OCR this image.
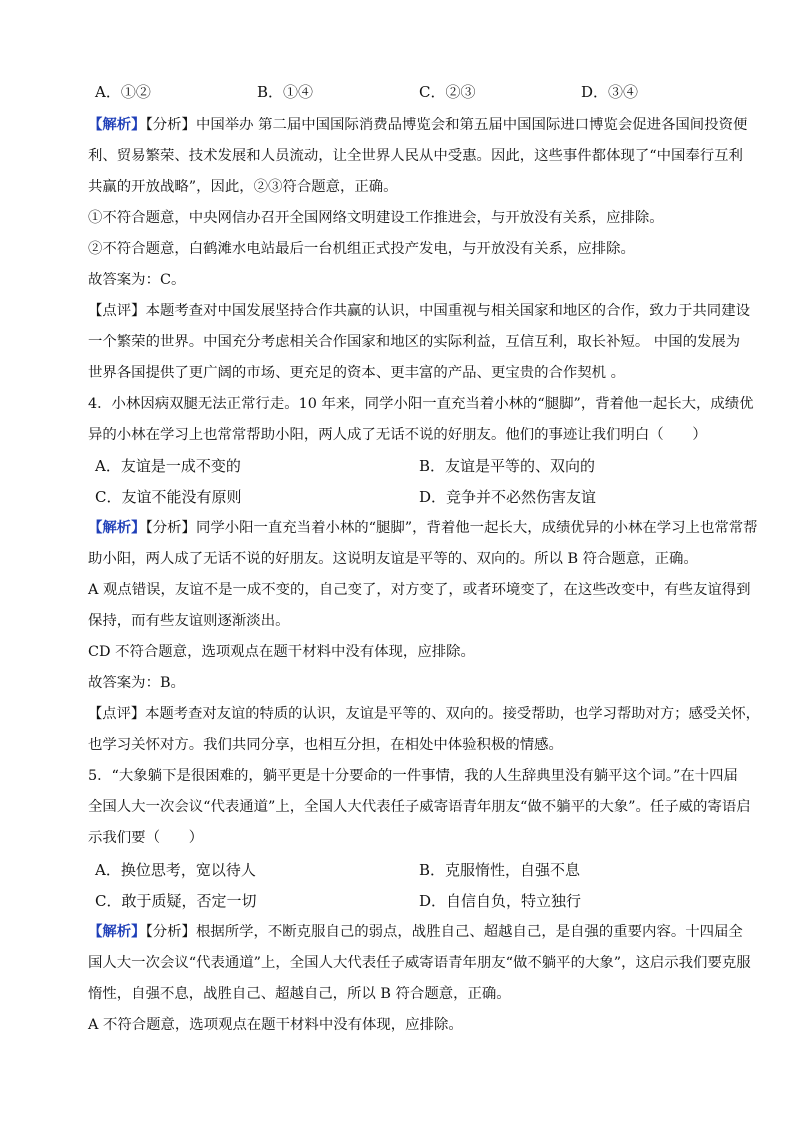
A．①②	B．①④	C．②③	D．③④
【解析】【分析】中国举办 第二届中国国际消费品博览会和第五届中国国际进口博览会促进各国间投资便
利、贸易繁荣、技术发展和人员流动，让全世界人民从中受惠。因此，这些事件都体现了“中国奉行互利
共赢的开放战略”，因此，②③符合题意，正确。
①不符合题意，中央网信办召开全国网络文明建设工作推进会，与开放没有关系，应排除。
②不符合题意，白鹤滩水电站最后一台机组正式投产发电，与开放没有关系，应排除。
故答案为：C。
【点评】本题考查对中国发展坚持合作共赢的认识，中国重视与相关国家和地区的合作，致力于共同建设
一个繁荣的世界。中国充分考虑相关合作国家和地区的实际利益，互信互利，取长补短。 中国的发展为
世界各国提供了更广阔的市场、更充足的资本、更丰富的产品、更宝贵的合作契机 。
4．小林因病双腿无法正常行走。10 年来，同学小阳一直充当着小林的“腿脚”，背着他一起长大，成绩优
异的小林在学习上也常常帮助小阳，两人成了无话不说的好朋友。他们的事迹让我们明白（　　）
A．友谊是一成不变的	B．友谊是平等的、双向的
C．友谊不能没有原则	D．竞争并不必然伤害友谊
【解析】【分析】同学小阳一直充当着小林的“腿脚”，背着他一起长大，成绩优异的小林在学习上也常常帮
助小阳，两人成了无话不说的好朋友。这说明友谊是平等的、双向的。所以 B 符合题意，正确。
A 观点错误，友谊不是一成不变的，自己变了，对方变了，或者环境变了，在这些改变中，有些友谊得到
保持，而有些友谊则逐渐淡出。
CD 不符合题意，选项观点在题干材料中没有体现，应排除。
故答案为：B。
【点评】本题考查对友谊的特质的认识，友谊是平等的、双向的。接受帮助，也学习帮助对方；感受关怀，
也学习关怀对方。我们共同分享，也相互分担，在相处中体验积极的情感。
5．“大象躺下是很困难的，躺平更是十分要命的一件事情，我的人生辞典里没有躺平这个词。”在十四届
全国人大一次会议“代表通道”上，全国人大代表任子威寄语青年朋友“做不躺平的大象”。任子威的寄语启
示我们要（　　）
A．换位思考，宽以待人	B．克服惰性，自强不息
C．敢于质疑，否定一切	D．自信自负，特立独行
【解析】【分析】根据所学，不断克服自己的弱点，战胜自己、超越自己，是自强的重要内容。十四届全
国人大一次会议“代表通道”上，全国人大代表任子威寄语青年朋友“做不躺平的大象”，这启示我们要克服
惰性，自强不息，战胜自己、超越自己，所以 B 符合题意，正确。
A 不符合题意，选项观点在题干材料中没有体现，应排除。
